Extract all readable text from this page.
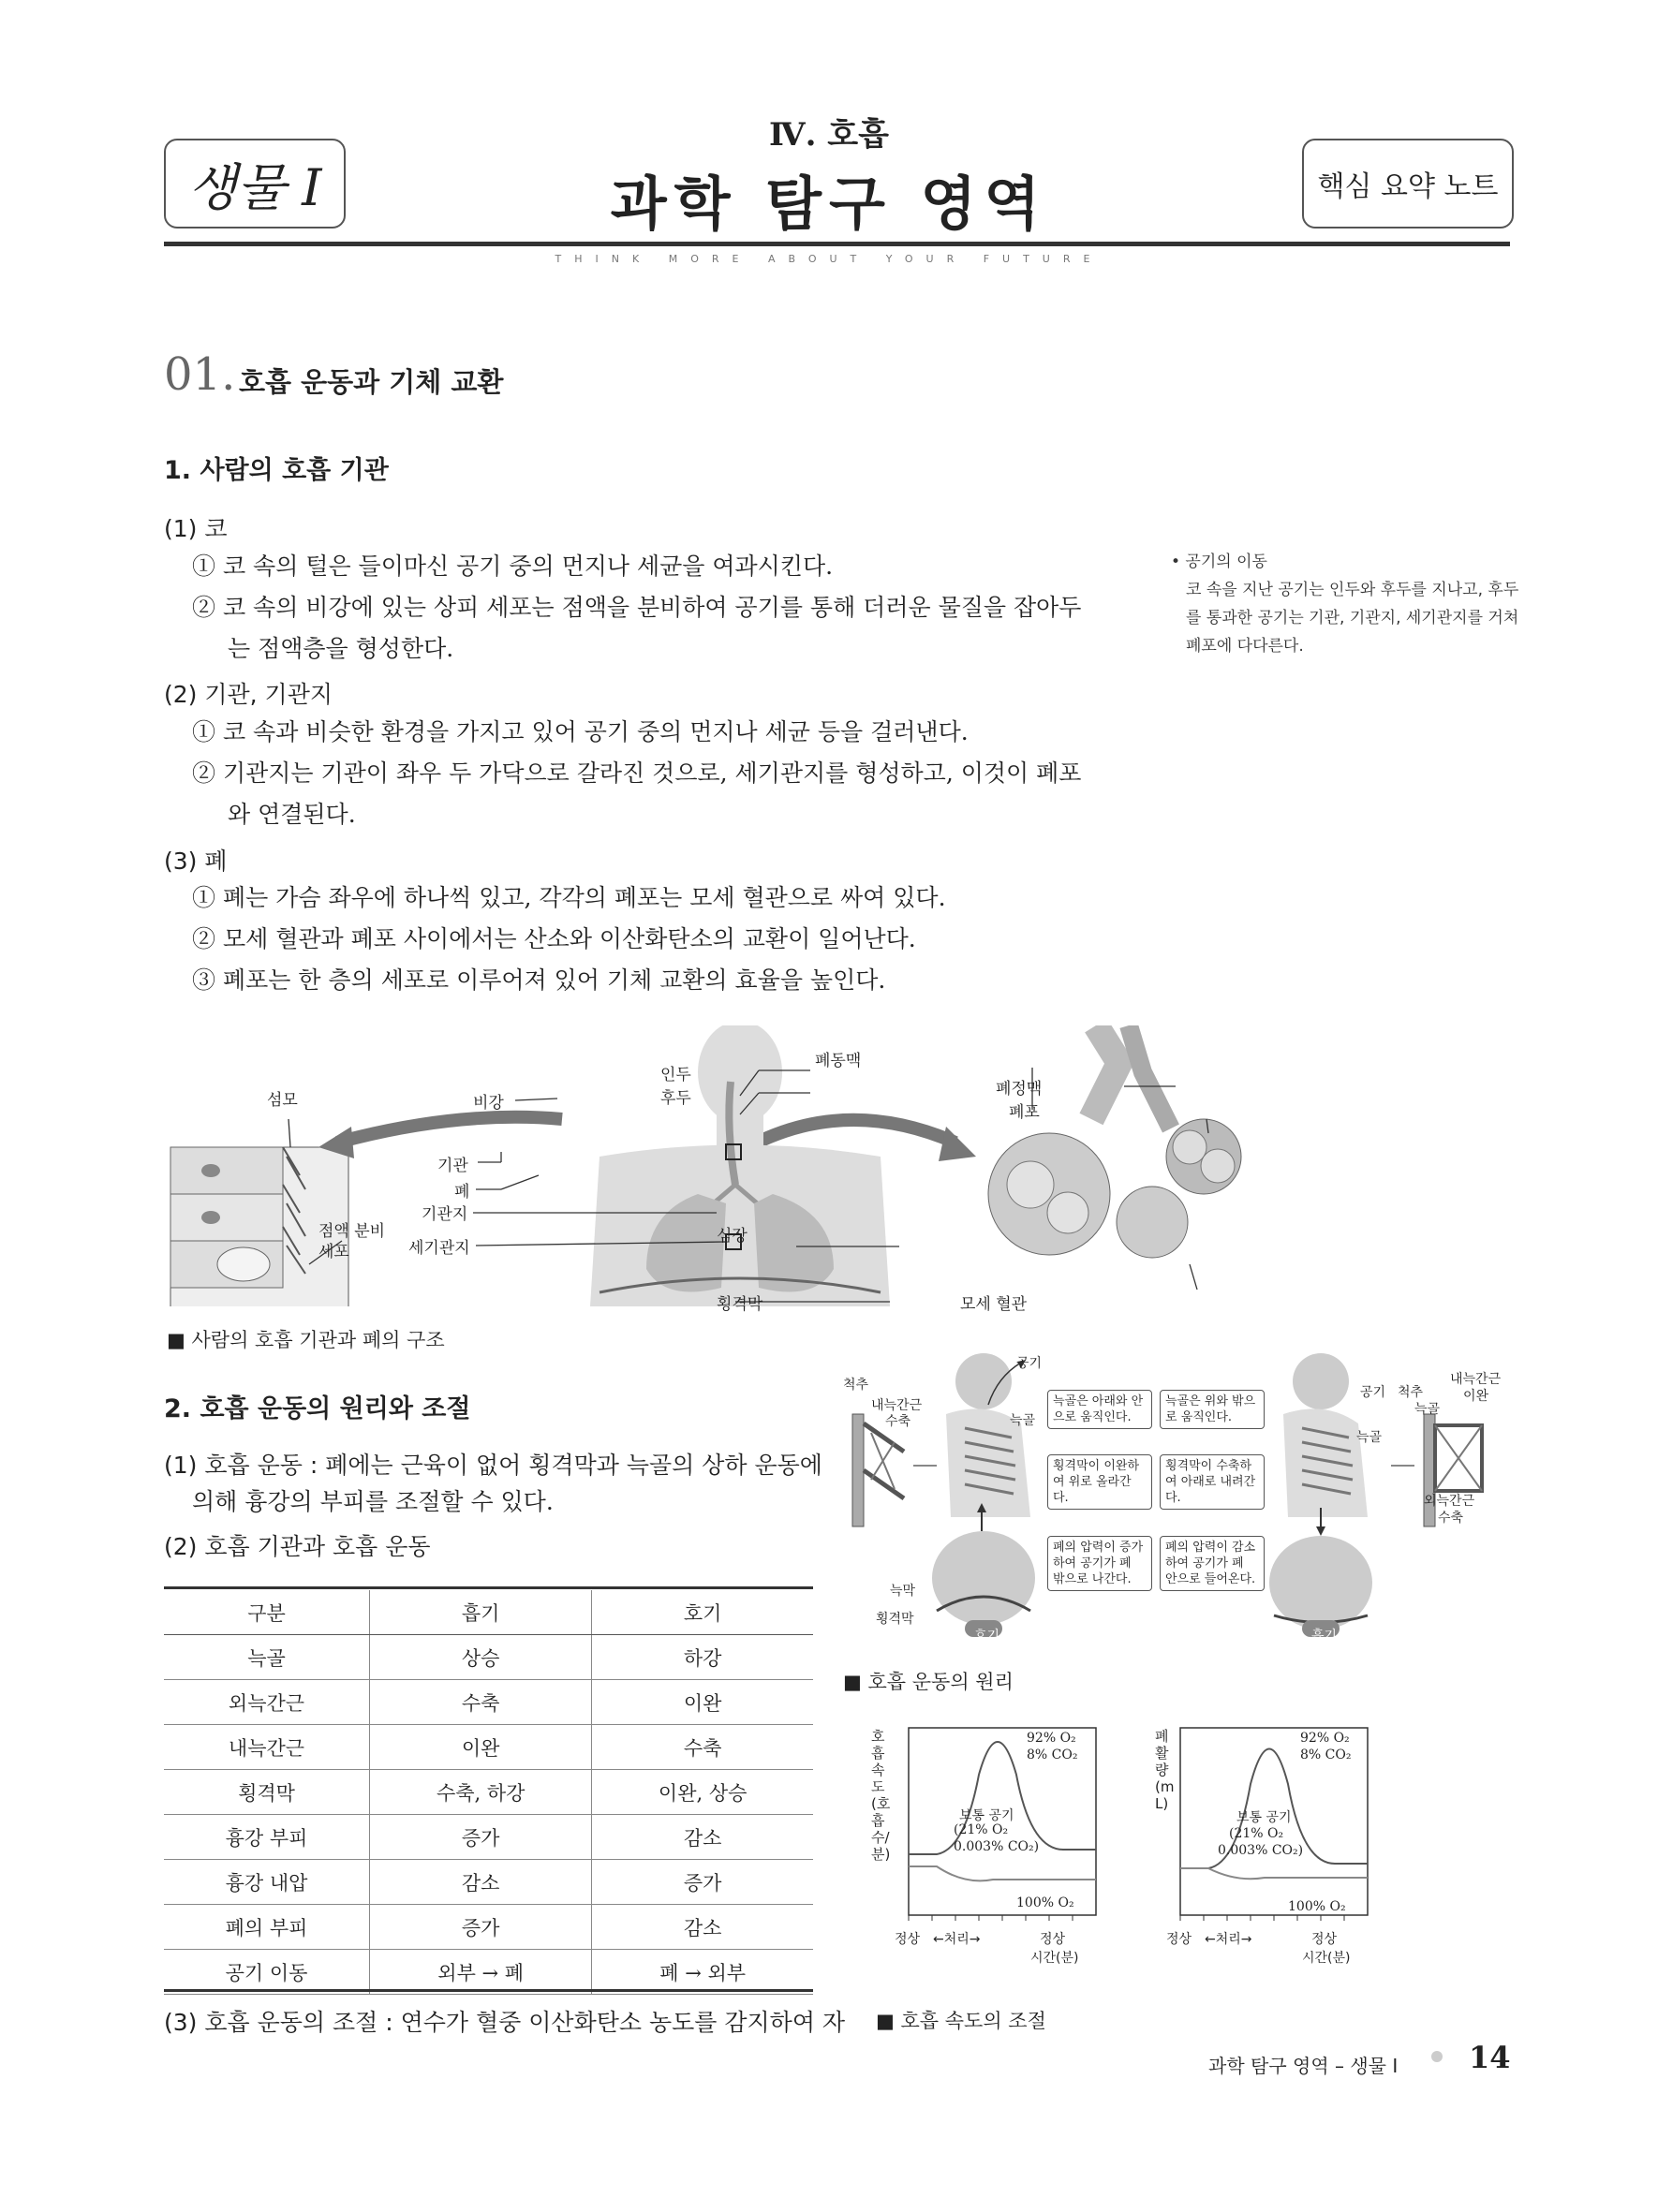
생물 I
Ⅳ. 호흡
과학 탐구 영역	핵심 요약 노트
THINK MORE ABOUT YOUR FUTURE
01. 호흡 운동과 기체 교환
1. 사람의 호흡 기관
(1) 코
① 코 속의 털은 들이마신 공기 중의 먼지나 세균을 여과시킨다.
② 코 속의 비강에 있는 상피 세포는 점액을 분비하여 공기를 통해 더러운 물질을 잡아두
는 점액층을 형성한다.
(2) 기관, 기관지
① 코 속과 비슷한 환경을 가지고 있어 공기 중의 먼지나 세균 등을 걸러낸다.
② 기관지는 기관이 좌우 두 가닥으로 갈라진 것으로, 세기관지를 형성하고, 이것이 폐포
와 연결된다.
(3) 폐
① 폐는 가슴 좌우에 하나씩 있고, 각각의 폐포는 모세 혈관으로 싸여 있다.
② 모세 혈관과 폐포 사이에서는 산소와 이산화탄소의 교환이 일어난다.
③ 폐포는 한 층의 세포로 이루어져 있어 기체 교환의 효율을 높인다.
• 공기의 이동
코 속을 지난 공기는 인두와 후두를 지나고, 후두를 통과한 공기는 기관, 기관지, 세기관지를 거쳐 폐포에 다다른다.
섬모	비강
인두
후두
기관
폐
기관지
세기관지
점액 분비
세포
심장
횡격막
폐동맥
폐정맥
폐포
모세 혈관
■ 사람의 호흡 기관과 폐의 구조
2. 호흡 운동의 원리와 조절
(1) 호흡 운동 : 폐에는 근육이 없어 횡격막과 늑골의 상하 운동에
의해 흉강의 부피를 조절할 수 있다.
(2) 호흡 기관과 호흡 운동
구분	흡기	호기
늑골	상승	하강
외늑간근	수축	이완
내늑간근	이완	수축
횡격막	수축, 하강	이완, 상승
흉강 부피	증가	감소
흉강 내압	감소	증가
폐의 부피	증가	감소
공기 이동	외부 → 폐	폐 → 외부
(3) 호흡 운동의 조절 : 연수가 혈중 이산화탄소 농도를 감지하여 자
척추
내늑간근
수축
공기
늑골
늑막
횡격막
호기
공기 척추
늑골
내늑간근
이완
늑골
외늑간근
수축
흡기
늑골은 아래와 안으로 움직인다.
횡격막이 이완하여 위로 올라간다.
폐의 압력이 증가하여 공기가 폐 밖으로 나간다.
늑골은 위와 밖으로 움직인다.
횡격막이 수축하여 아래로 내려간다.
폐의 압력이 감소하여 공기가 폐 안으로 들어온다.
■ 호흡 운동의 원리
호흡 속도(호흡 수/분)
92% O₂
8% CO₂
보통 공기
(21% O₂
0.003% CO₂)
100% O₂
정상 ←처리→	정상
시간(분)
폐 활량(mL)
92% O₂
8% CO₂
보통 공기
(21% O₂
0.003% CO₂)
100% O₂
정상 ←처리→	정상
시간(분)
■ 호흡 속도의 조절
과학 탐구 영역 – 생물 Ⅰ 14
